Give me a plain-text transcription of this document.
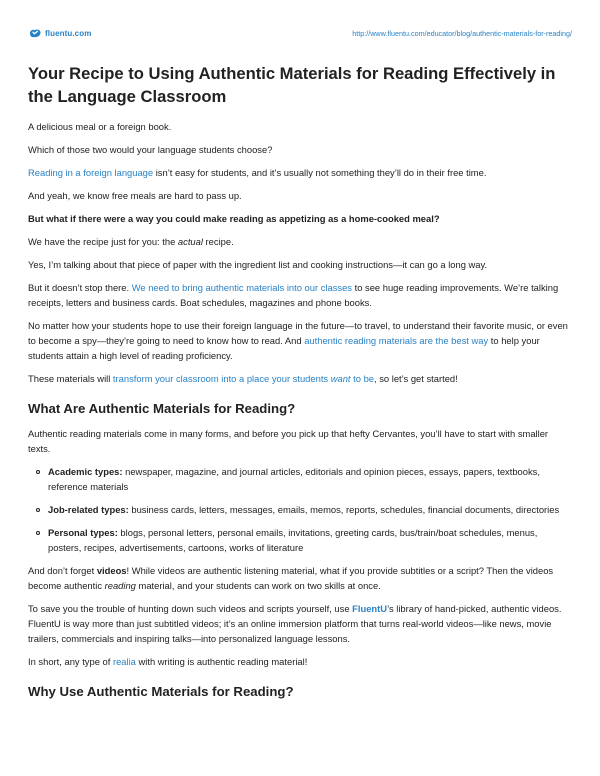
fluentu.com	http://www.fluentu.com/educator/blog/authentic-materials-for-reading/
Your Recipe to Using Authentic Materials for Reading Effectively in the Language Classroom

A delicious meal or a foreign book.

Which of those two would your language students choose?

Reading in a foreign language isn’t easy for students, and it’s usually not something they’ll do in their free time.

And yeah, we know free meals are hard to pass up.

But what if there were a way you could make reading as appetizing as a home-cooked meal?

We have the recipe just for you: the actual recipe.

Yes, I’m talking about that piece of paper with the ingredient list and cooking instructions—it can go a long way.

But it doesn’t stop there. We need to bring authentic materials into our classes to see huge reading improvements. We’re talking receipts, letters and business cards. Boat schedules, magazines and phone books.

No matter how your students hope to use their foreign language in the future—to travel, to understand their favorite music, or even to become a spy—they’re going to need to know how to read. And authentic reading materials are the best way to help your students attain a high level of reading proficiency.

These materials will transform your classroom into a place your students want to be, so let’s get started!

What Are Authentic Materials for Reading?

Authentic reading materials come in many forms, and before you pick up that hefty Cervantes, you’ll have to start with smaller texts.

Academic types: newspaper, magazine, and journal articles, editorials and opinion pieces, essays, papers, textbooks, reference materials
Job-related types: business cards, letters, messages, emails, memos, reports, schedules, financial documents, directories
Personal types: blogs, personal letters, personal emails, invitations, greeting cards, bus/train/boat schedules, menus, posters, recipes, advertisements, cartoons, works of literature

And don’t forget videos! While videos are authentic listening material, what if you provide subtitles or a script? Then the videos become authentic reading material, and your students can work on two skills at once.

To save you the trouble of hunting down such videos and scripts yourself, use FluentU’s library of hand-picked, authentic videos. FluentU is way more than just subtitled videos; it’s an online immersion platform that turns real-world videos—like news, movie trailers, commercials and inspiring talks—into personalized language lessons.

In short, any type of realia with writing is authentic reading material!

Why Use Authentic Materials for Reading?
